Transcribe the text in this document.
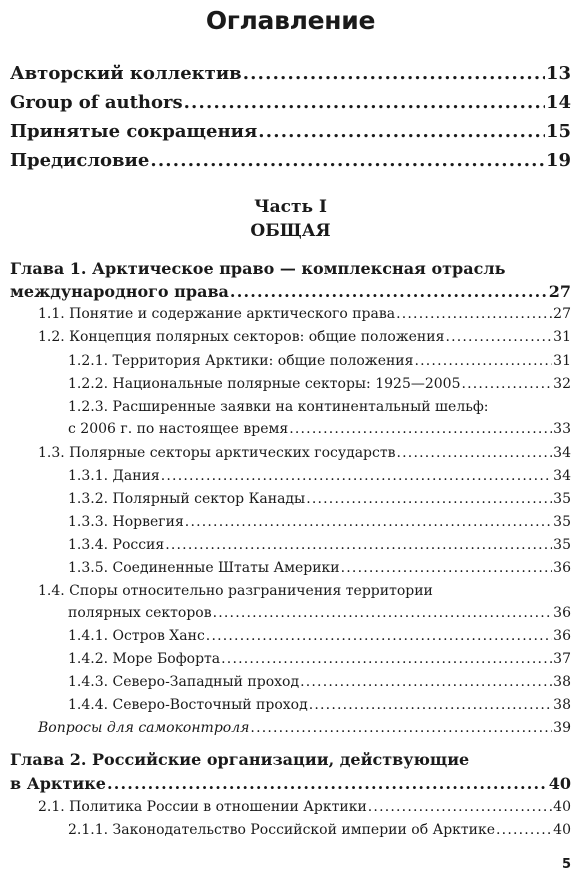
Оглавление
Авторский коллектив .....	13
Group of authors .....	14
Принятые сокращения .....	15
Предисловие .....	19
Часть I
ОБЩАЯ
Глава 1. Арктическое право — комплексная отрасль
международного права .....	27
1.1. Понятие и содержание арктического права .....	27
1.2. Концепция полярных секторов: общие положения .....	31
1.2.1. Территория Арктики: общие положения .....	31
1.2.2. Национальные полярные секторы: 1925—2005 .....	32
1.2.3. Расширенные заявки на континентальный шельф:
с 2006 г. по настоящее время .....	33
1.3. Полярные секторы арктических государств .....	34
1.3.1. Дания .....	34
1.3.2. Полярный сектор Канады .....	35
1.3.3. Норвегия .....	35
1.3.4. Россия .....	35
1.3.5. Соединенные Штаты Америки .....	36
1.4. Споры относительно разграничения территории
полярных секторов .....	36
1.4.1. Остров Ханс .....	36
1.4.2. Море Бофорта .....	37
1.4.3. Северо-Западный проход .....	38
1.4.4. Северо-Восточный проход .....	38
Вопросы для самоконтроля .....	39
Глава 2. Российские организации, действующие
в Арктике .....	40
2.1. Политика России в отношении Арктики .....	40
2.1.1. Законодательство Российской империи об Арктике .....	40
5
